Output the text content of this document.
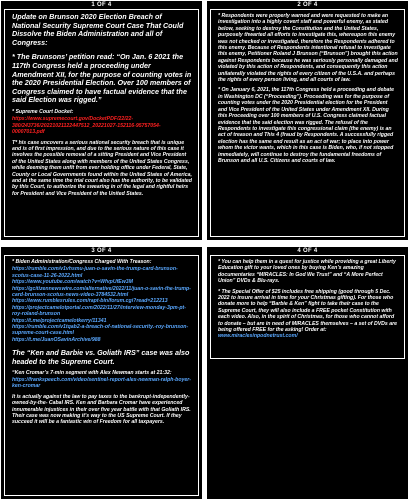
1 OF 4

Update on Brunson 2020 Election Breach of National Security Supreme Court Case That Could Dissolve the Biden Administration and all of Congress:

* The Brunsons’ petition read: “On Jan. 6 2021 the 117th Congress held a proceeding under Amendment XII, for the purpose of counting votes in the 2020 Presidential Election. Over 100 members of Congress claimed to have factual evidence that the said Election was rigged.”

* Supreme Court Docket:

https://www.supremecourt.gov/DocketPDF/22/22-380/243736/20221021122447512_20221027-152116-95757054-00007013.pdf

T* his case uncovers a serious national security breach that is unique and is of first impression, and due to the serious nature of this case it involves the possible removal of a sitting President and Vice President of the United States along with members of the United States Congress, while deeming them unfit from ever holding office under Federal, State, County or Local Governments found within the United States of America, and at the same time the trial court also has the authority, to be validated by this Court, to authorize the swearing in of the legal and rightful heirs for President and Vice President of the United States.

2 OF 4

* Respondents were properly warned and were requested to make an investigation into a highly covert staff and powerful enemy, as stated below, seeking to destroy the Constitution and the United States, purposely thwarted all efforts to investigate this, whereupon this enemy was not checked or investigated, therefore the Respondents adhered to this enemy. Because of Respondents intentional refusal to investigate this enemy, Petitioner Roland J Brunson (“Brunson”) brought this action against Respondents because he was seriously personally damaged and violated by this action of Respondents, and consequently this action unilaterally violated the rights of every citizen of the U.S.A. and perhaps the rights of every person living, and all courts of law.

* On January 6, 2021, the 117th Congress held a proceeding and debate in Washington DC (“Proceeding”). Proceeding was for the purpose of counting votes under the 2020 Presidential election for the President and Vice President of the United States under Amendment XII. During this Proceeding over 100 members of U.S. Congress claimed factual evidence that the said election was rigged. The refusal of the Respondents to investigate this congressional claim (the enemy) is an act of treason and This 4 (fraud by Respondents. A successfully rigged election has the same end result as an act of war; to place into power whom the victor wants, which in this case is Biden, who, if not stopped immediately, will continue to destroy the fundamental freedoms of Brunson and all U.S. Citizens and courts of law.

3 OF 4

* Biden Administration/Congress Charged With Treason:

https://rumble.com/v1vhsmu-juan-o-savin-the-trump-card-brunson-scotus-case-11-26-2022.html
https://www.youtube.com/watch?v=WfvpUfEw3M
https://gcitizennewswire.com/alternative/2022/11/juan-o-savin-the-trump-card-brunson-scotus-news-video-3784532.html
https://www.rumblesrules.com/rapt-bin/forum.cgi?read=212213
https://projectcamelotportal.com/2022/11/27/interview-monday-3pm-pt-roy-roland-brunson
https://t.me/projectcamelotkerry/11341
https://rumble.com/v1tqab2-a-breach-of-national-security.-roy-brunson-supreme-court-case.html
https://t.me/JuanOSavinArchive/988

The “Ken and Barbie vs. Goliath IRS” case was also headed to the Supreme Court.

“Ken Cromar’s 7-min segment with Alex Newman starts at 21:32: https://frankspeech.com/video/sentinel-report-alex-newman-ralph-boyer-ken-cromar

It is actually against the law to pay taxes to the bankrupt-independently-owned-by-the- Cabal IRS. Ken and Barbara Cromar have experienced innumerable injustices in their over five year battle with that Goliath IRS. Their case was now making it’s way to the US Supreme Court. If they succeed it will be a fantastic win of Freedom for all taxpayers.

4 OF 4

* You can help them in a quest for justice while providing a great Liberty Education gift to your loved ones by buying Ken’s amazing documentaries “MIRACLES: In God We Trust” and “A More Perfect Union” DVDs & Blu-rays.

* The Special Offer of $25 includes free shipping (good through 5 Dec. 2022 to insure arrival in time for your Christmas gifting). For those who donate more to help “Barbie & Ken” fight to take their case to the Supreme Court, they will also include a FREE pocket Constitution with each video. Also, in the spirit of Christmas, for those who cannot afford to donate – but are in need of MIRACLES themselves – a set of DVDs are being offered FREE for the asking! Order at: www.miraclesinpodnetrust.com/
